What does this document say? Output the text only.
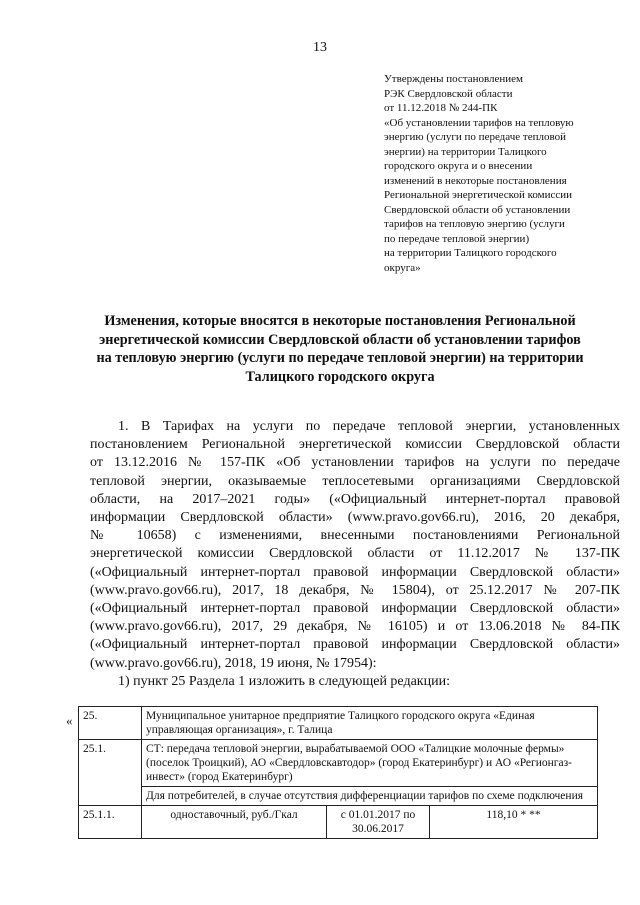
13
Утверждены постановлением
РЭК Свердловской области
от 11.12.2018 № 244-ПК
«Об установлении тарифов на тепловую
энергию (услуги по передаче тепловой
энергии) на территории Талицкого
городского округа и о внесении
изменений в некоторые постановления
Региональной энергетической комиссии
Свердловской области об установлении
тарифов на тепловую энергию (услуги
по передаче тепловой энергии)
на территории Талицкого городского
округа»
Изменения, которые вносятся в некоторые постановления Региональной
энергетической комиссии Свердловской области об установлении тарифов
на тепловую энергию (услуги по передаче тепловой энергии) на территории
Талицкого городского округа
1. В Тарифах на услуги по передаче тепловой энергии, установленных
постановлением Региональной энергетической комиссии Свердловской области
от 13.12.2016 № 157-ПК «Об установлении тарифов на услуги по передаче
тепловой энергии, оказываемые теплосетевыми организациями Свердловской
области, на 2017–2021 годы» («Официальный интернет-портал правовой
информации Свердловской области» (www.pravo.gov66.ru), 2016, 20 декабря,
№ 10658) с изменениями, внесенными постановлениями Региональной
энергетической комиссии Свердловской области от 11.12.2017 № 137-ПК
(«Официальный интернет-портал правовой информации Свердловской области»
(www.pravo.gov66.ru), 2017, 18 декабря, № 15804), от 25.12.2017 № 207-ПК
(«Официальный интернет-портал правовой информации Свердловской области»
(www.pravo.gov66.ru), 2017, 29 декабря, № 16105) и от 13.06.2018 № 84-ПК
(«Официальный интернет-портал правовой информации Свердловской области»
(www.pravo.gov66.ru), 2018, 19 июня, № 17954):
1) пункт 25 Раздела 1 изложить в следующей редакции:
« 25.	Муниципальное унитарное предприятие Талицкого городского округа «Единая управляющая организация», г. Талица		
25.1.	СТ: передача тепловой энергии, вырабатываемой ООО «Талицкие молочные фермы» (поселок Троицкий), АО «Свердловскавтодор» (город Екатеринбург) и АО «Регионгаз-инвест» (город Екатеринбург)		
	Для потребителей, в случае отсутствия дифференциации тарифов по схеме подключения		
25.1.1.	одноставочный, руб./Гкал	с 01.01.2017 по 30.06.2017	118,10 * **
